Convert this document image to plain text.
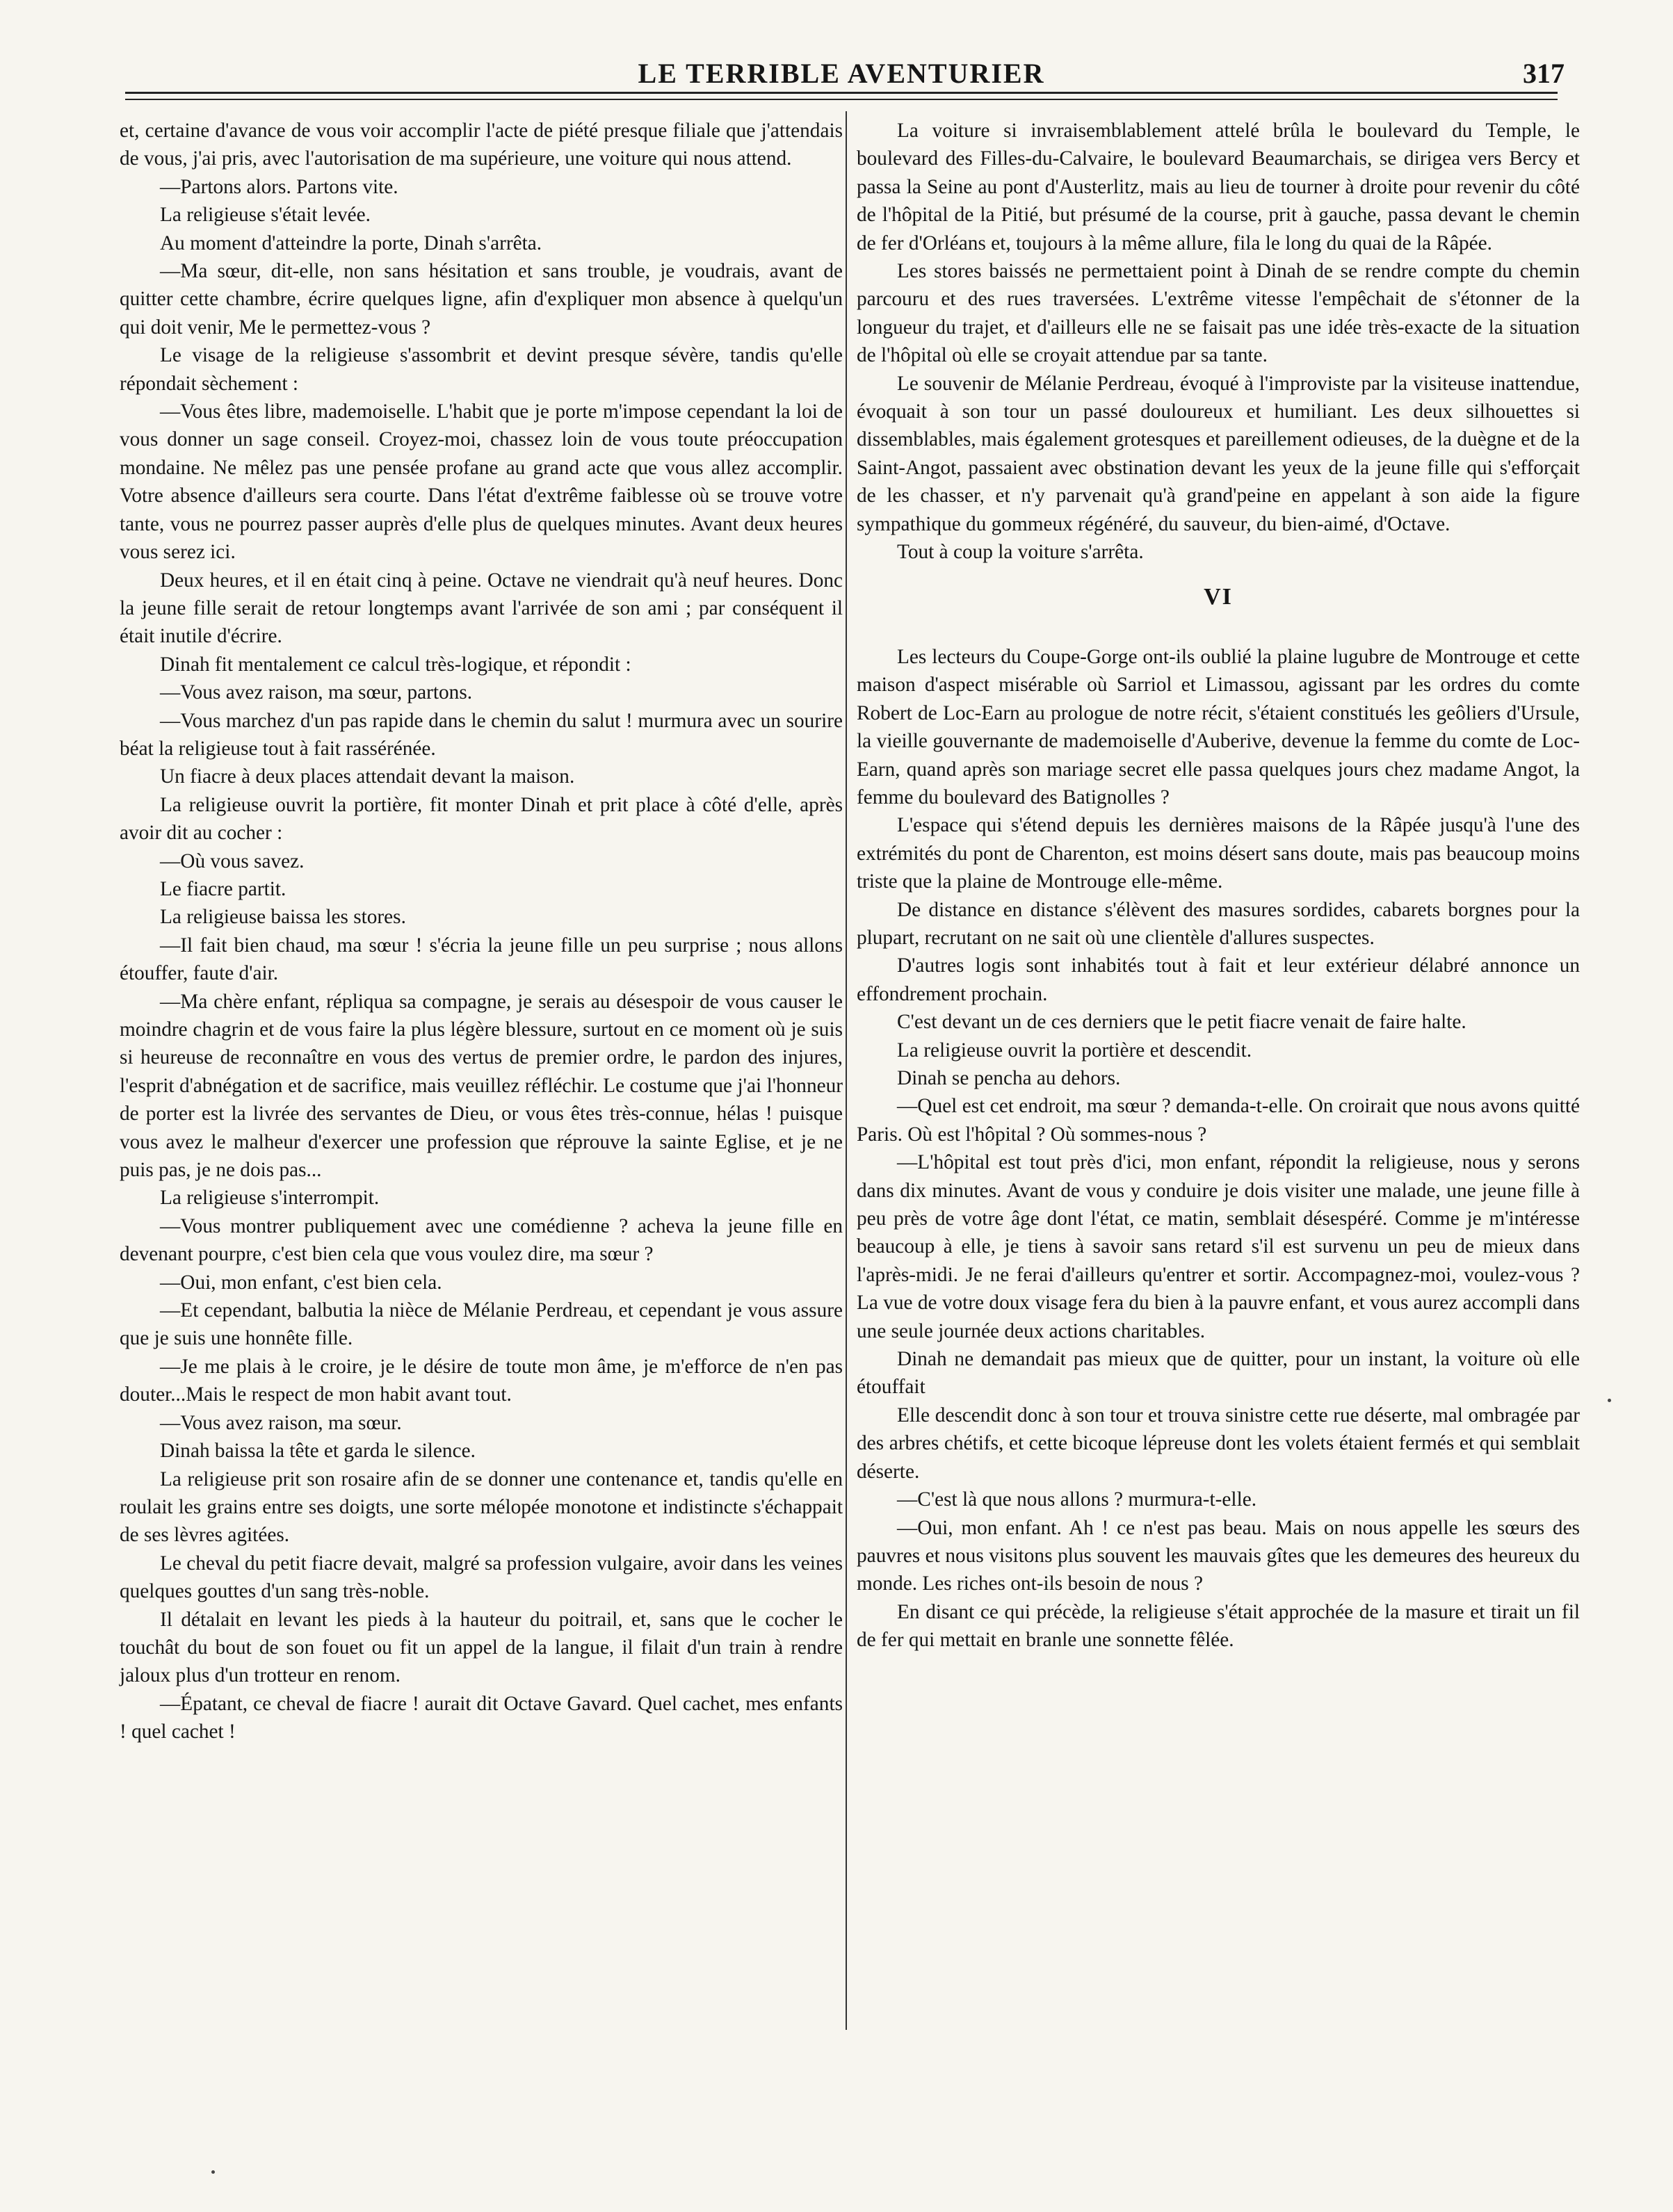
LE TERRIBLE AVENTURIER	317

et, certaine d'avance de vous voir accomplir l'acte de piété presque filiale que j'attendais de vous, j'ai pris, avec l'autorisation de ma supérieure, une voiture qui nous attend.

—Partons alors. Partons vite.

La religieuse s'était levée.

Au moment d'atteindre la porte, Dinah s'arrêta.

—Ma sœur, dit-elle, non sans hésitation et sans trouble, je voudrais, avant de quitter cette chambre, écrire quelques ligne, afin d'expliquer mon absence à quelqu'un qui doit venir, Me le permettez-vous ?

Le visage de la religieuse s'assombrit et devint presque sévère, tandis qu'elle répondait sèchement :

—Vous êtes libre, mademoiselle. L'habit que je porte m'impose cependant la loi de vous donner un sage conseil. Croyez-moi, chassez loin de vous toute préoccupation mondaine. Ne mêlez pas une pensée profane au grand acte que vous allez accomplir. Votre absence d'ailleurs sera courte. Dans l'état d'extrême faiblesse où se trouve votre tante, vous ne pourrez passer auprès d'elle plus de quelques minutes. Avant deux heures vous serez ici.

Deux heures, et il en était cinq à peine. Octave ne viendrait qu'à neuf heures. Donc la jeune fille serait de retour longtemps avant l'arrivée de son ami ; par conséquent il était inutile d'écrire.

Dinah fit mentalement ce calcul très-logique, et répondit :

—Vous avez raison, ma sœur, partons.

—Vous marchez d'un pas rapide dans le chemin du salut ! murmura avec un sourire béat la religieuse tout à fait rassérénée.

Un fiacre à deux places attendait devant la maison.

La religieuse ouvrit la portière, fit monter Dinah et prit place à côté d'elle, après avoir dit au cocher :

—Où vous savez.

Le fiacre partit.

La religieuse baissa les stores.

—Il fait bien chaud, ma sœur ! s'écria la jeune fille un peu surprise ; nous allons étouffer, faute d'air.

—Ma chère enfant, répliqua sa compagne, je serais au désespoir de vous causer le moindre chagrin et de vous faire la plus légère blessure, surtout en ce moment où je suis si heureuse de reconnaître en vous des vertus de premier ordre, le pardon des injures, l'esprit d'abnégation et de sacrifice, mais veuillez réfléchir. Le costume que j'ai l'honneur de porter est la livrée des servantes de Dieu, or vous êtes très-connue, hélas ! puisque vous avez le malheur d'exercer une profession que réprouve la sainte Eglise, et je ne puis pas, je ne dois pas...

La religieuse s'interrompit.

—Vous montrer publiquement avec une comédienne ? acheva la jeune fille en devenant pourpre, c'est bien cela que vous voulez dire, ma sœur ?

—Oui, mon enfant, c'est bien cela.

—Et cependant, balbutia la nièce de Mélanie Perdreau, et cependant je vous assure que je suis une honnête fille.

—Je me plais à le croire, je le désire de toute mon âme, je m'efforce de n'en pas douter...Mais le respect de mon habit avant tout.

—Vous avez raison, ma sœur.

Dinah baissa la tête et garda le silence.

La religieuse prit son rosaire afin de se donner une contenance et, tandis qu'elle en roulait les grains entre ses doigts, une sorte mélopée monotone et indistincte s'échappait de ses lèvres agitées.

Le cheval du petit fiacre devait, malgré sa profession vulgaire, avoir dans les veines quelques gouttes d'un sang très-noble.

Il détalait en levant les pieds à la hauteur du poitrail, et, sans que le cocher le touchât du bout de son fouet ou fit un appel de la langue, il filait d'un train à rendre jaloux plus d'un trotteur en renom.

—Épatant, ce cheval de fiacre ! aurait dit Octave Gavard. Quel cachet, mes enfants ! quel cachet !

La voiture si invraisemblablement attelé brûla le boulevard du Temple, le boulevard des Filles-du-Calvaire, le boulevard Beaumarchais, se dirigea vers Bercy et passa la Seine au pont d'Austerlitz, mais au lieu de tourner à droite pour revenir du côté de l'hôpital de la Pitié, but présumé de la course, prit à gauche, passa devant le chemin de fer d'Orléans et, toujours à la même allure, fila le long du quai de la Râpée.

Les stores baissés ne permettaient point à Dinah de se rendre compte du chemin parcouru et des rues traversées. L'extrême vitesse l'empêchait de s'étonner de la longueur du trajet, et d'ailleurs elle ne se faisait pas une idée très-exacte de la situation de l'hôpital où elle se croyait attendue par sa tante.

Le souvenir de Mélanie Perdreau, évoqué à l'improviste par la visiteuse inattendue, évoquait à son tour un passé douloureux et humiliant. Les deux silhouettes si dissemblables, mais également grotesques et pareillement odieuses, de la duègne et de la Saint-Angot, passaient avec obstination devant les yeux de la jeune fille qui s'efforçait de les chasser, et n'y parvenait qu'à grand'peine en appelant à son aide la figure sympathique du gommeux régénéré, du sauveur, du bien-aimé, d'Octave.

Tout à coup la voiture s'arrêta.

VI

Les lecteurs du Coupe-Gorge ont-ils oublié la plaine lugubre de Montrouge et cette maison d'aspect misérable où Sarriol et Limassou, agissant par les ordres du comte Robert de Loc-Earn au prologue de notre récit, s'étaient constitués les geôliers d'Ursule, la vieille gouvernante de mademoiselle d'Auberive, devenue la femme du comte de Loc-Earn, quand après son mariage secret elle passa quelques jours chez madame Angot, la femme du boulevard des Batignolles ?

L'espace qui s'étend depuis les dernières maisons de la Râpée jusqu'à l'une des extrémités du pont de Charenton, est moins désert sans doute, mais pas beaucoup moins triste que la plaine de Montrouge elle-même.

De distance en distance s'élèvent des masures sordides, cabarets borgnes pour la plupart, recrutant on ne sait où une clientèle d'allures suspectes.

D'autres logis sont inhabités tout à fait et leur extérieur délabré annonce un effondrement prochain.

C'est devant un de ces derniers que le petit fiacre venait de faire halte.

La religieuse ouvrit la portière et descendit.

Dinah se pencha au dehors.

—Quel est cet endroit, ma sœur ? demanda-t-elle. On croirait que nous avons quitté Paris. Où est l'hôpital ? Où sommes-nous ?

—L'hôpital est tout près d'ici, mon enfant, répondit la religieuse, nous y serons dans dix minutes. Avant de vous y conduire je dois visiter une malade, une jeune fille à peu près de votre âge dont l'état, ce matin, semblait désespéré. Comme je m'intéresse beaucoup à elle, je tiens à savoir sans retard s'il est survenu un peu de mieux dans l'après-midi. Je ne ferai d'ailleurs qu'entrer et sortir. Accompagnez-moi, voulez-vous ? La vue de votre doux visage fera du bien à la pauvre enfant, et vous aurez accompli dans une seule journée deux actions charitables.

Dinah ne demandait pas mieux que de quitter, pour un instant, la voiture où elle étouffait

Elle descendit donc à son tour et trouva sinistre cette rue déserte, mal ombragée par des arbres chétifs, et cette bicoque lépreuse dont les volets étaient fermés et qui semblait déserte.

—C'est là que nous allons ? murmura-t-elle.

—Oui, mon enfant. Ah ! ce n'est pas beau. Mais on nous appelle les sœurs des pauvres et nous visitons plus souvent les mauvais gîtes que les demeures des heureux du monde. Les riches ont-ils besoin de nous ?

En disant ce qui précède, la religieuse s'était approchée de la masure et tirait un fil de fer qui mettait en branle une sonnette fêlée.
